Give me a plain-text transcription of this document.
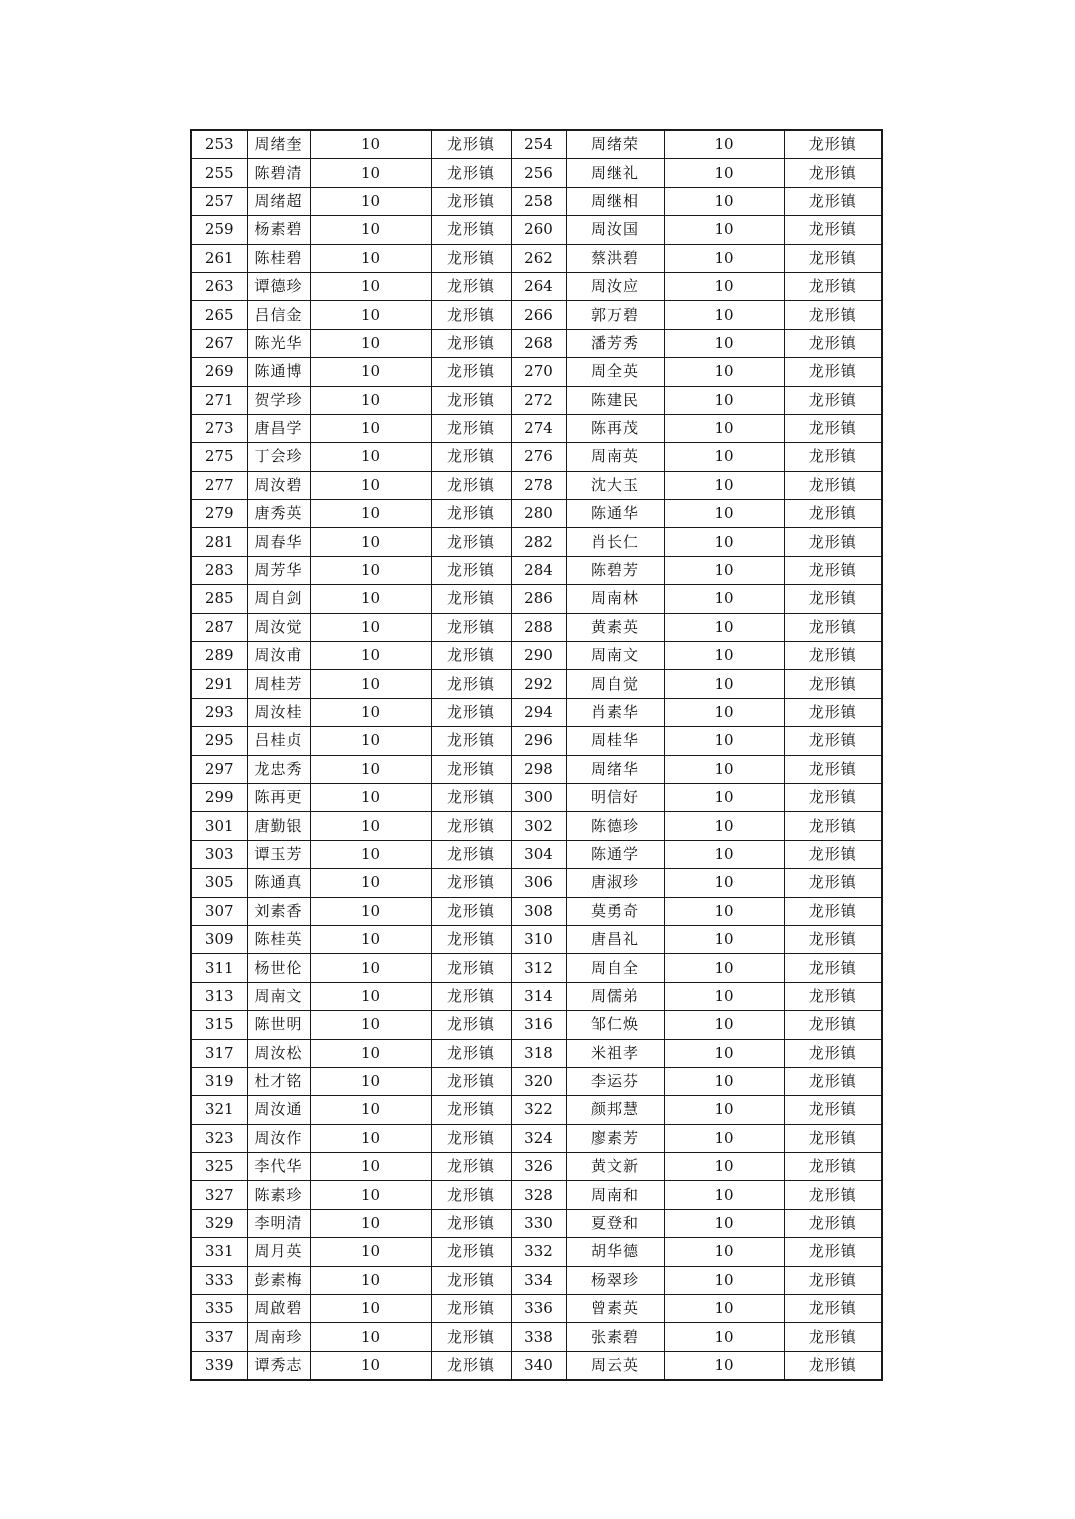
253	周绪奎	10	龙形镇	254	周绪荣	10	龙形镇
255	陈碧清	10	龙形镇	256	周继礼	10	龙形镇
257	周绪超	10	龙形镇	258	周继相	10	龙形镇
259	杨素碧	10	龙形镇	260	周汝国	10	龙形镇
261	陈桂碧	10	龙形镇	262	蔡洪碧	10	龙形镇
263	谭德珍	10	龙形镇	264	周汝应	10	龙形镇
265	吕信金	10	龙形镇	266	郭万碧	10	龙形镇
267	陈光华	10	龙形镇	268	潘芳秀	10	龙形镇
269	陈通博	10	龙形镇	270	周全英	10	龙形镇
271	贺学珍	10	龙形镇	272	陈建民	10	龙形镇
273	唐昌学	10	龙形镇	274	陈再茂	10	龙形镇
275	丁会珍	10	龙形镇	276	周南英	10	龙形镇
277	周汝碧	10	龙形镇	278	沈大玉	10	龙形镇
279	唐秀英	10	龙形镇	280	陈通华	10	龙形镇
281	周春华	10	龙形镇	282	肖长仁	10	龙形镇
283	周芳华	10	龙形镇	284	陈碧芳	10	龙形镇
285	周自剑	10	龙形镇	286	周南林	10	龙形镇
287	周汝觉	10	龙形镇	288	黄素英	10	龙形镇
289	周汝甫	10	龙形镇	290	周南文	10	龙形镇
291	周桂芳	10	龙形镇	292	周自觉	10	龙形镇
293	周汝桂	10	龙形镇	294	肖素华	10	龙形镇
295	吕桂贞	10	龙形镇	296	周桂华	10	龙形镇
297	龙忠秀	10	龙形镇	298	周绪华	10	龙形镇
299	陈再更	10	龙形镇	300	明信好	10	龙形镇
301	唐勤银	10	龙形镇	302	陈德珍	10	龙形镇
303	谭玉芳	10	龙形镇	304	陈通学	10	龙形镇
305	陈通真	10	龙形镇	306	唐淑珍	10	龙形镇
307	刘素香	10	龙形镇	308	莫勇奇	10	龙形镇
309	陈桂英	10	龙形镇	310	唐昌礼	10	龙形镇
311	杨世伦	10	龙形镇	312	周自全	10	龙形镇
313	周南文	10	龙形镇	314	周儒弟	10	龙形镇
315	陈世明	10	龙形镇	316	邹仁焕	10	龙形镇
317	周汝松	10	龙形镇	318	米祖孝	10	龙形镇
319	杜才铭	10	龙形镇	320	李运芬	10	龙形镇
321	周汝通	10	龙形镇	322	颜邦慧	10	龙形镇
323	周汝作	10	龙形镇	324	廖素芳	10	龙形镇
325	李代华	10	龙形镇	326	黄文新	10	龙形镇
327	陈素珍	10	龙形镇	328	周南和	10	龙形镇
329	李明清	10	龙形镇	330	夏登和	10	龙形镇
331	周月英	10	龙形镇	332	胡华德	10	龙形镇
333	彭素梅	10	龙形镇	334	杨翠珍	10	龙形镇
335	周啟碧	10	龙形镇	336	曾素英	10	龙形镇
337	周南珍	10	龙形镇	338	张素碧	10	龙形镇
339	谭秀志	10	龙形镇	340	周云英	10	龙形镇
